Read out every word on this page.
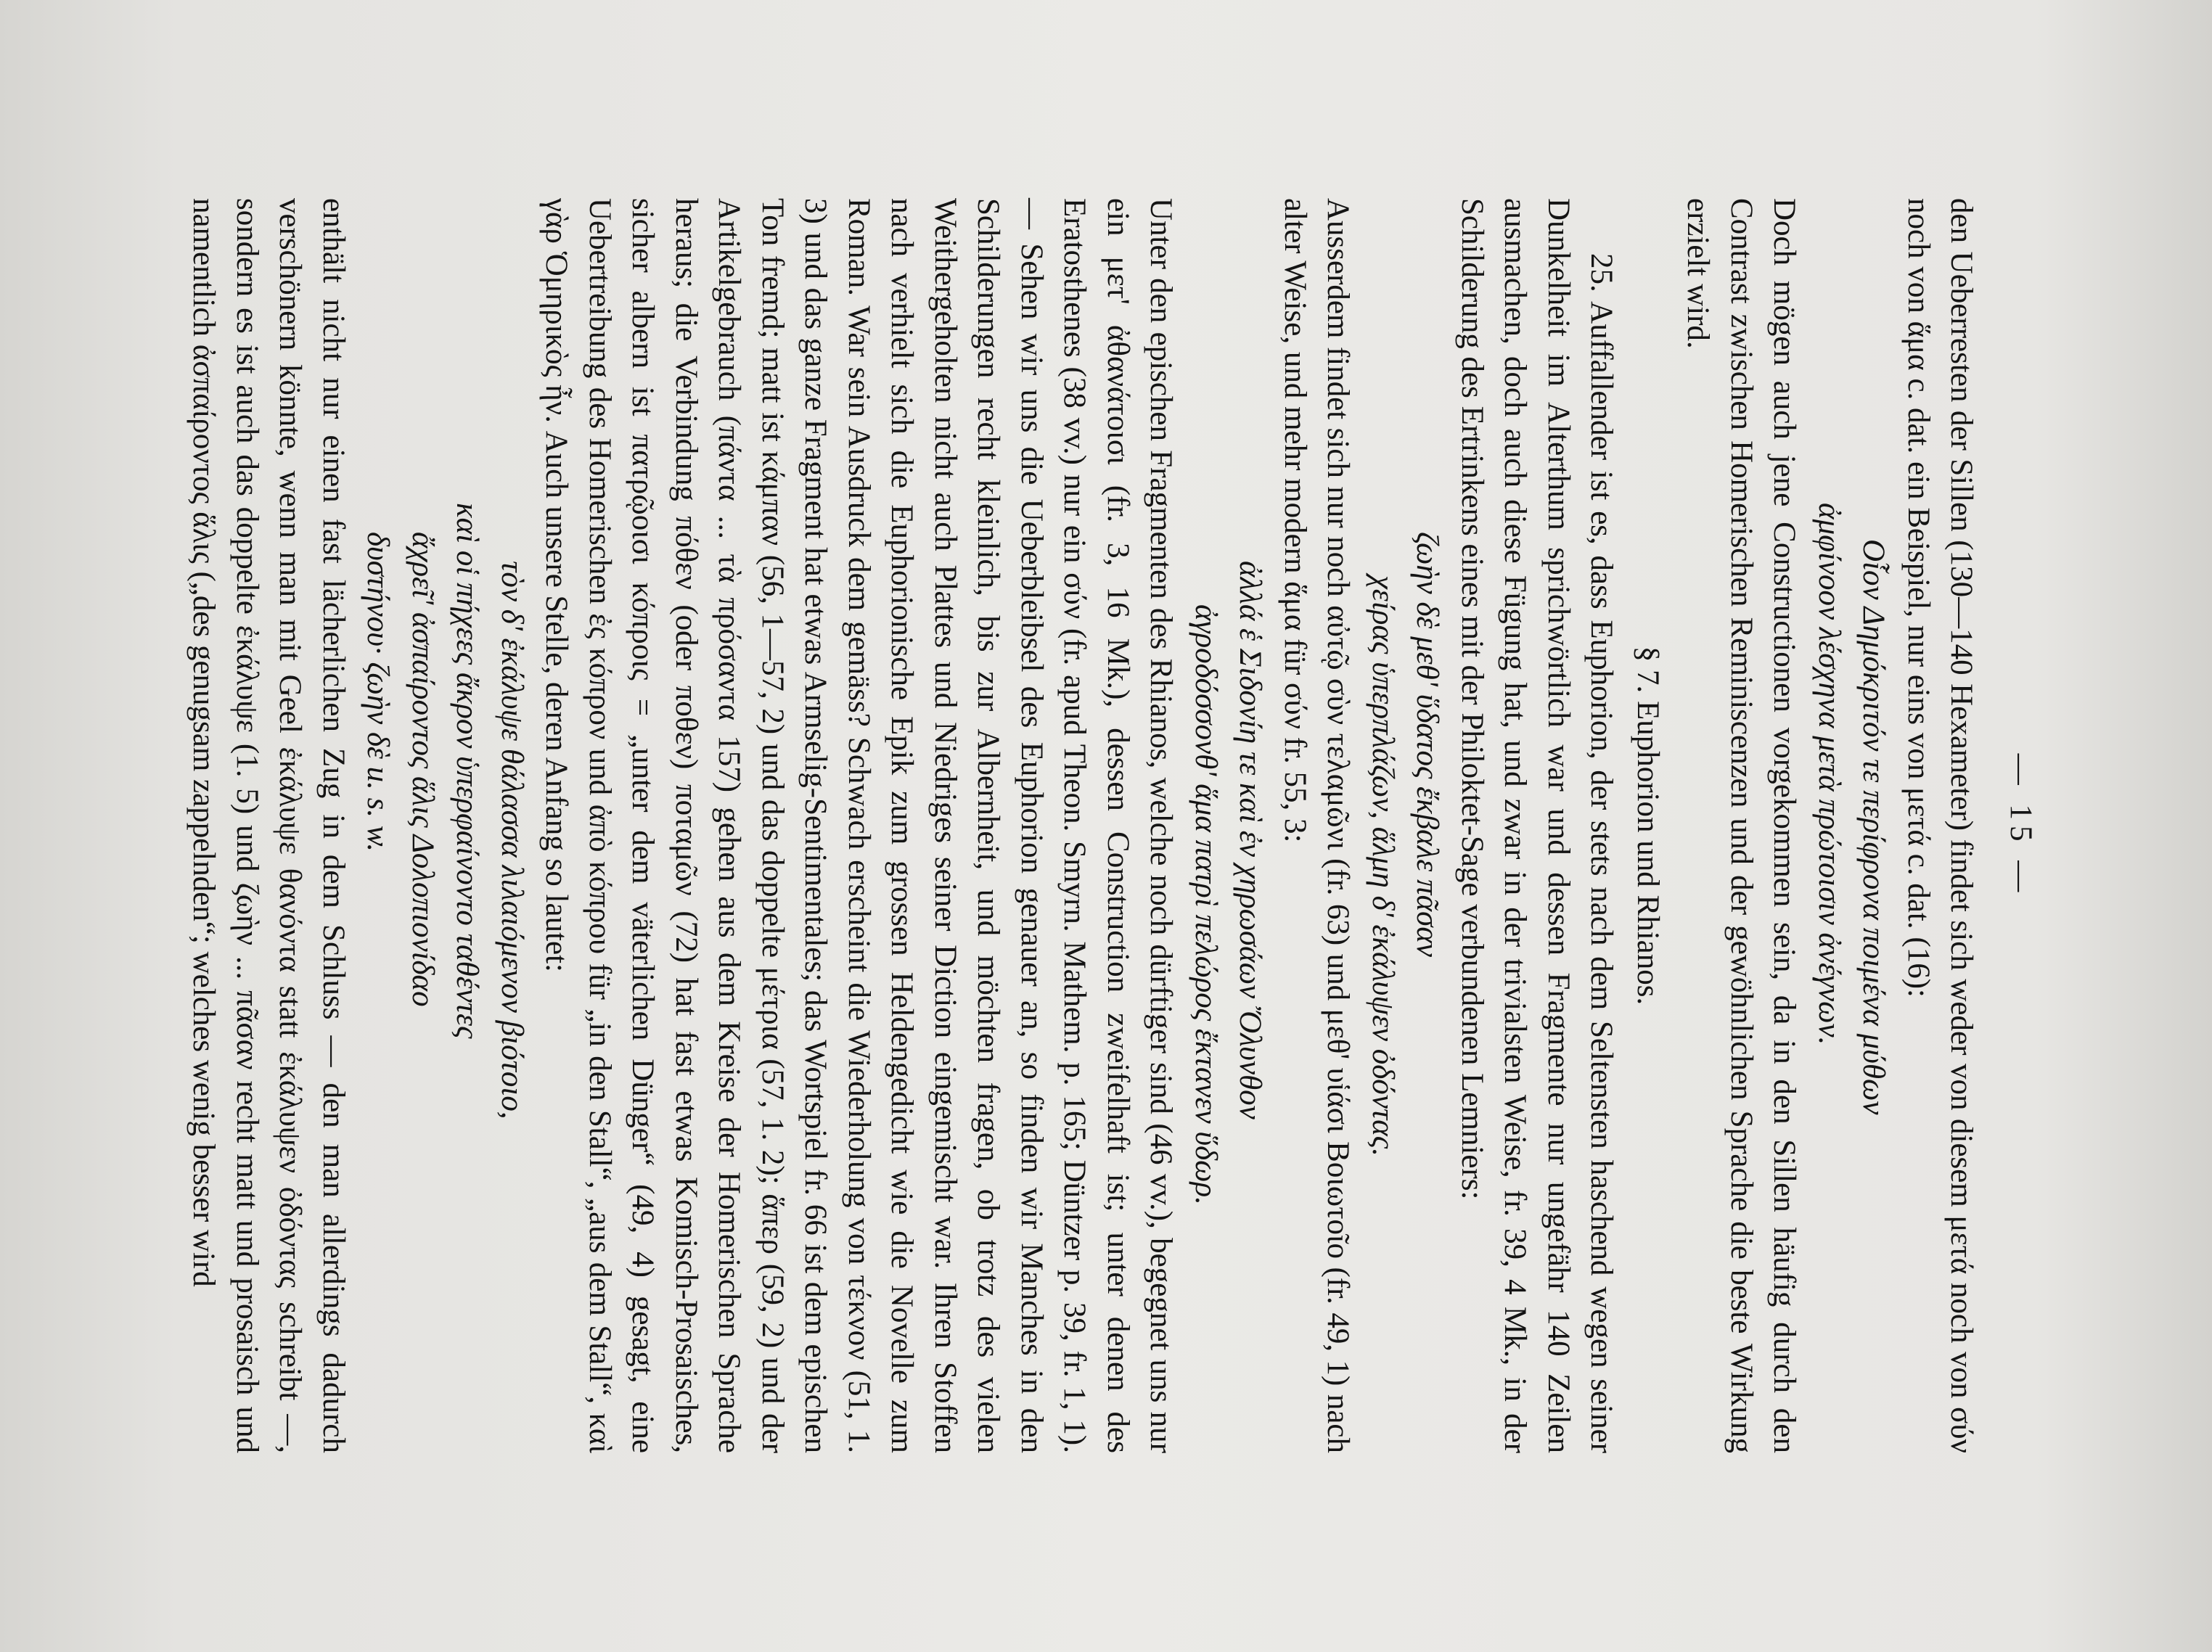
— 15 —

den Ueberresten der Sillen (130—140 Hexameter) findet sich weder von diesem μετά noch von σύν noch von ἅμα c. dat. ein Beispiel, nur eins von μετά c. dat. (16):

Οἷον Δημόκριτόν τε περίφρονα ποιμένα μύθων
ἀμφίνοον λέσχηνα μετὰ πρώτοισιν ἀνέγνων.

Doch mögen auch jene Constructionen vorgekommen sein, da in den Sillen häufig durch den Contrast zwischen Homerischen Reminiscenzen und der gewöhnlichen Sprache die beste Wirkung erzielt wird.

§ 7. Euphorion und Rhianos.

25. Auffallender ist es, dass Euphorion, der stets nach dem Seltensten haschend wegen seiner Dunkelheit im Alterthum sprichwörtlich war und dessen Fragmente nur ungefähr 140 Zeilen ausmachen, doch auch diese Fügung hat, und zwar in der trivialsten Weise, fr. 39, 4 Mk., in der Schilderung des Ertrinkens eines mit der Philoktet-Sage verbundenen Lemniers:

ζωὴν δὲ μεθ' ὕδατος ἔκβαλε πᾶσαν
χείρας ὑπερπλάζων, ἅλμη δ' ἐκάλυψεν ὀδόντας.

Ausserdem findet sich nur noch αὐτῷ σὺν τελαμῶνι (fr. 63) und μεθ' υἱάσι Βοιωτοῖο (fr. 49, 1) nach alter Weise, und mehr modern ἅμα für σύν fr. 55, 3:

ἀλλά ἑ Σιδονίη τε καὶ ἐν χηρωσάων Ὄλυνθον
ἀγροδόσσονθ' ἅμα πατρὶ πελώρος ἔκτανεν ὕδωρ.

Unter den epischen Fragmenten des Rhianos, welche noch dürftiger sind (46 vv.), begegnet uns nur ein μετ' ἀθανάτοισι (fr. 3, 16 Mk.), dessen Construction zweifelhaft ist; unter denen des Eratosthenes (38 vv.) nur ein σύν (fr. apud Theon. Smyrn. Mathem. p. 165; Düntzer p. 39, fr. 1, 1). — Sehen wir uns die Ueberbleibsel des Euphorion genauer an, so finden wir Manches in den Schilderungen recht kleinlich, bis zur Albernheit, und möchten fragen, ob trotz des vielen Weithergeholten nicht auch Plattes und Niedriges seiner Diction eingemischt war. Ihren Stoffen nach verhielt sich die Euphorionische Epik zum grossen Heldengedicht wie die Novelle zum Roman. War sein Ausdruck dem gemäss? Schwach erscheint die Wiederholung von τέκνον (51, 1. 3) und das ganze Fragment hat etwas Armselig-Sentimentales; das Wortspiel fr. 66 ist dem epischen Ton fremd; matt ist κάμπαν (56, 1—57, 2) und das doppelte μέτρια (57, 1. 2); ἅπερ (59, 2) und der Artikelgebrauch (πάντα ... τὰ πρόσαντα 157) gehen aus dem Kreise der Homerischen Sprache heraus; die Verbindung πόθεν (oder ποθεν) ποταμῶν (72) hat fast etwas Komisch-Prosaisches, sicher albern ist πατρῷοισι κόπροις = „unter dem väterlichen Dünger“ (49, 4) gesagt, eine Uebertreibung des Homerischen ἐς κόπρον und ἀπὸ κόπρου für „in den Stall“, „aus dem Stall“, καὶ γὰρ Ὁμηρικὸς ἦν. Auch unsere Stelle, deren Anfang so lautet:

τὸν δ' ἐκάλυψε θάλασσα λιλαιόμενον βιότοιο,
καὶ οἱ πήχεες ἄκρον ὑπερφαίνοντο ταθέντες
ἄχρεῖ' ἀσπαίροντος ἅλις Δολοπιονίδαο
δυστήνου· ζωὴν δὲ u. s. w.

enthält nicht nur einen fast lächerlichen Zug in dem Schluss — den man allerdings dadurch verschönern könnte, wenn man mit Geel ἐκάλυψε θανόντα statt ἐκάλυψεν ὀδόντας schreibt —, sondern es ist auch das doppelte ἐκάλυψε (1. 5) und ζωὴν ... πᾶσαν recht matt und prosaisch und namentlich ἀσπαίροντος ἅλις („des genugsam zappelnden“; welches wenig besser wird
